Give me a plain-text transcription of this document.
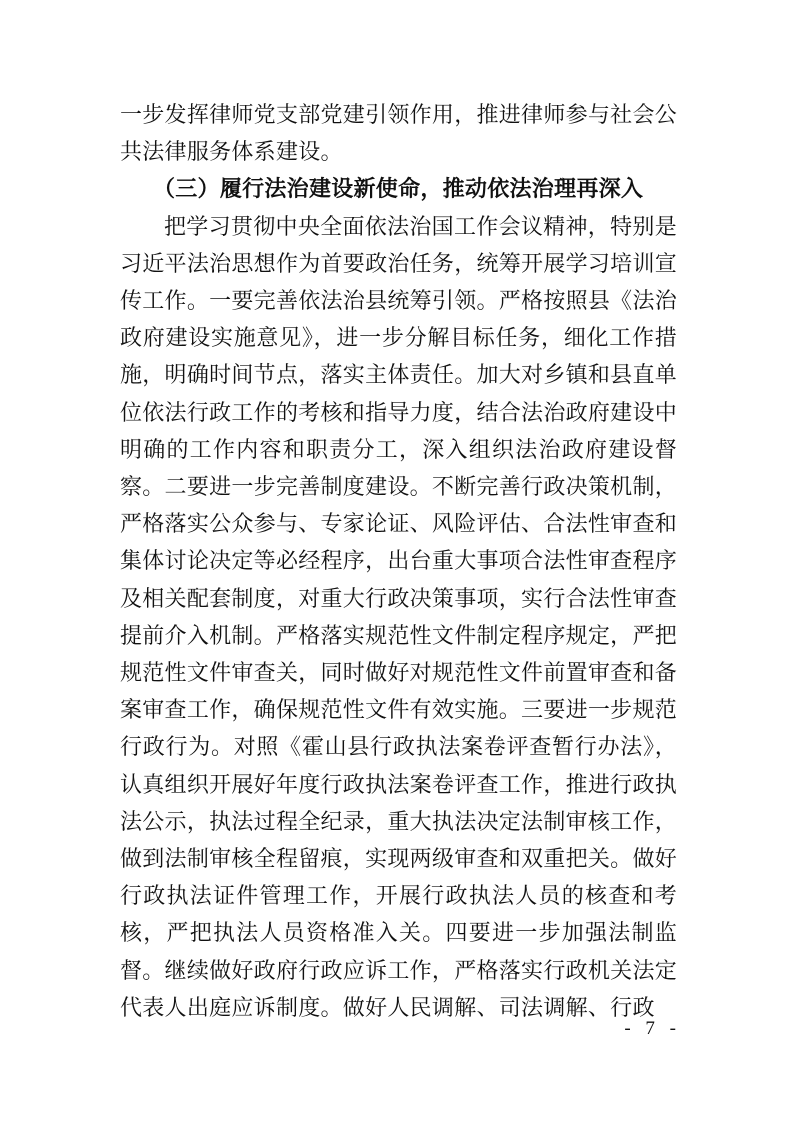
一步发挥律师党支部党建引领作用，推进律师参与社会公共法律服务体系建设。

（三）履行法治建设新使命，推动依法治理再深入

把学习贯彻中央全面依法治国工作会议精神，特别是习近平法治思想作为首要政治任务，统筹开展学习培训宣传工作。一要完善依法治县统筹引领。严格按照县《法治政府建设实施意见》，进一步分解目标任务，细化工作措施，明确时间节点，落实主体责任。加大对乡镇和县直单位依法行政工作的考核和指导力度，结合法治政府建设中明确的工作内容和职责分工，深入组织法治政府建设督察。二要进一步完善制度建设。不断完善行政决策机制，严格落实公众参与、专家论证、风险评估、合法性审查和集体讨论决定等必经程序，出台重大事项合法性审查程序及相关配套制度，对重大行政决策事项，实行合法性审查提前介入机制。严格落实规范性文件制定程序规定，严把规范性文件审查关，同时做好对规范性文件前置审查和备案审查工作，确保规范性文件有效实施。三要进一步规范行政行为。对照《霍山县行政执法案卷评查暂行办法》，认真组织开展好年度行政执法案卷评查工作，推进行政执法公示，执法过程全纪录，重大执法决定法制审核工作，做到法制审核全程留痕，实现两级审查和双重把关。做好行政执法证件管理工作，开展行政执法人员的核查和考核，严把执法人员资格准入关。四要进一步加强法制监督。继续做好政府行政应诉工作，严格落实行政机关法定代表人出庭应诉制度。做好人民调解、司法调解、行政

- 7 -
